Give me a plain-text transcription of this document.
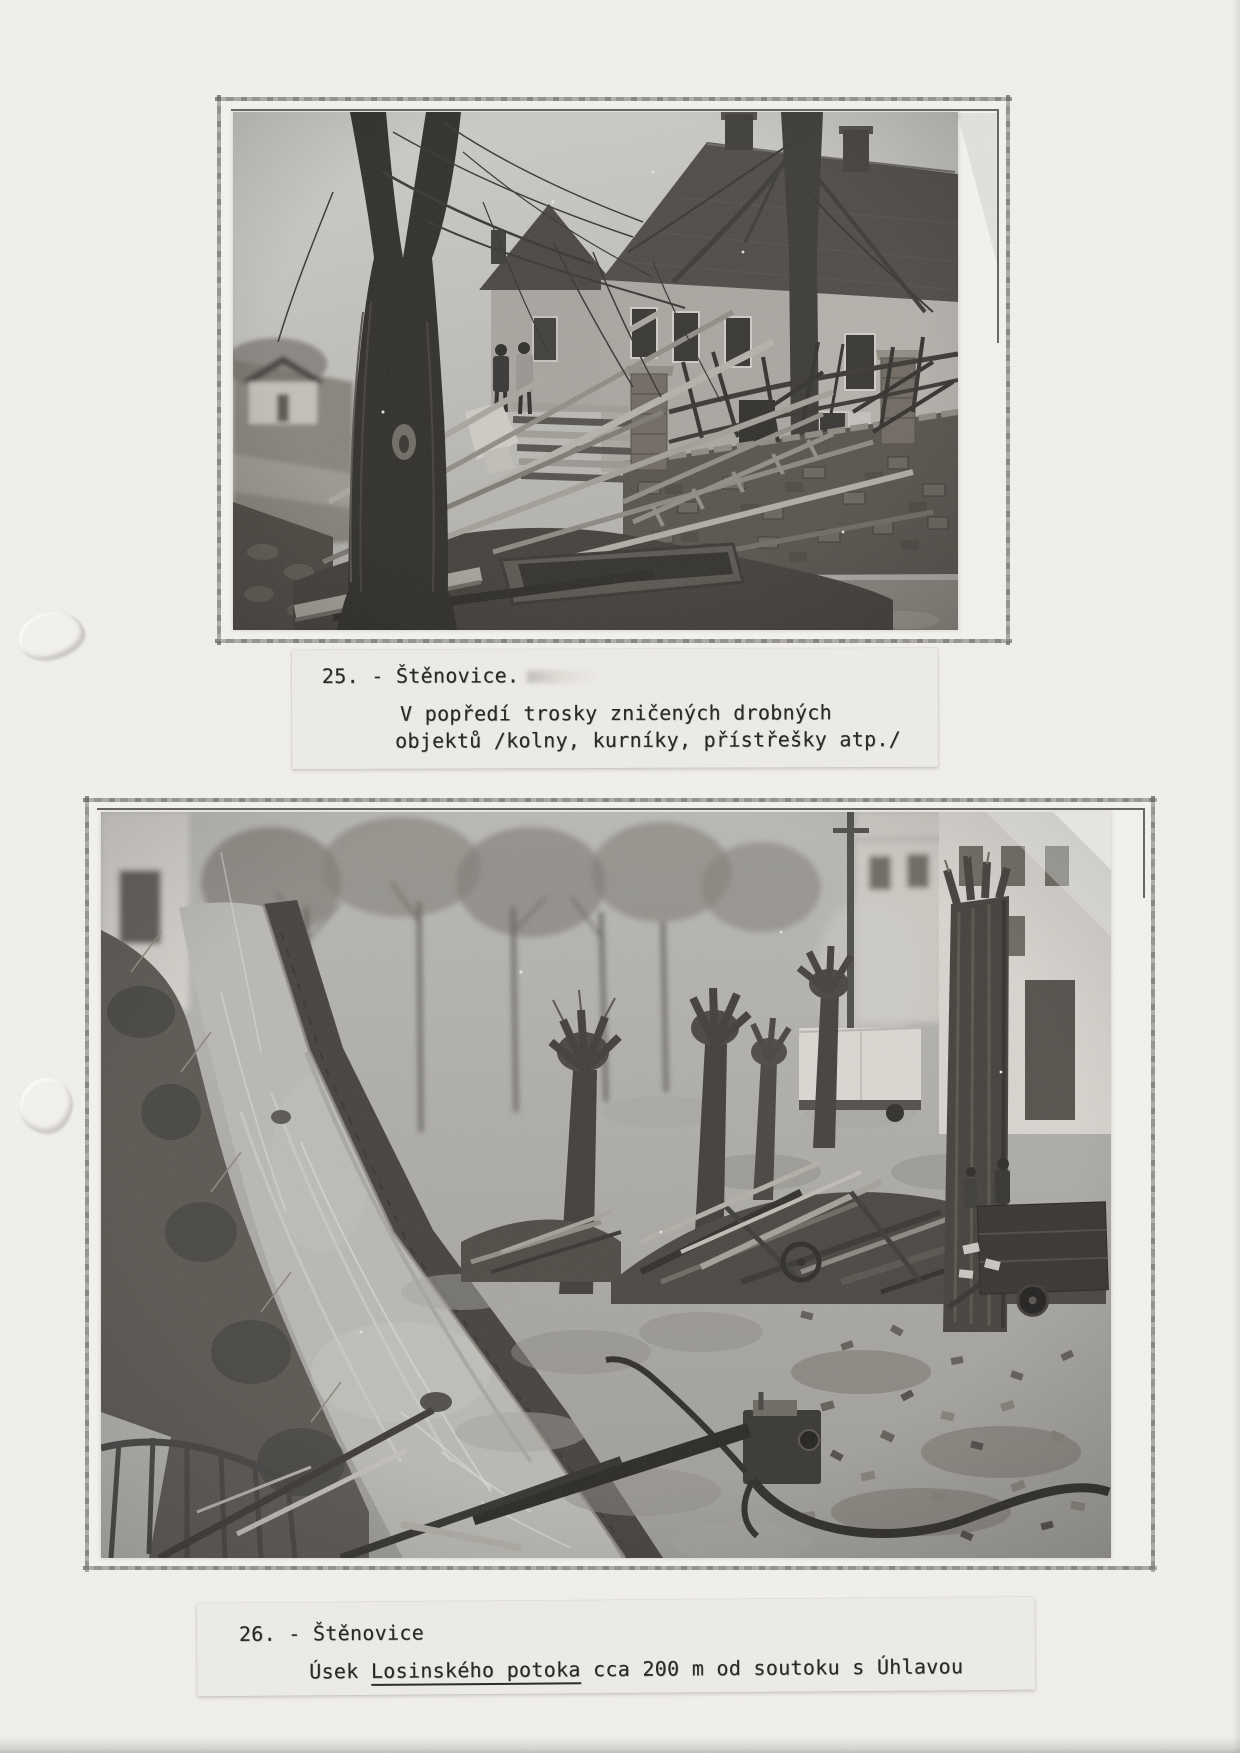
25. - Štěnovice.
V popředí trosky zničených drobných
objektů /kolny, kurníky, přístřešky atp./
26. - Štěnovice
Úsek Losinského potoka cca 200 m od soutoku s Úhlavou
